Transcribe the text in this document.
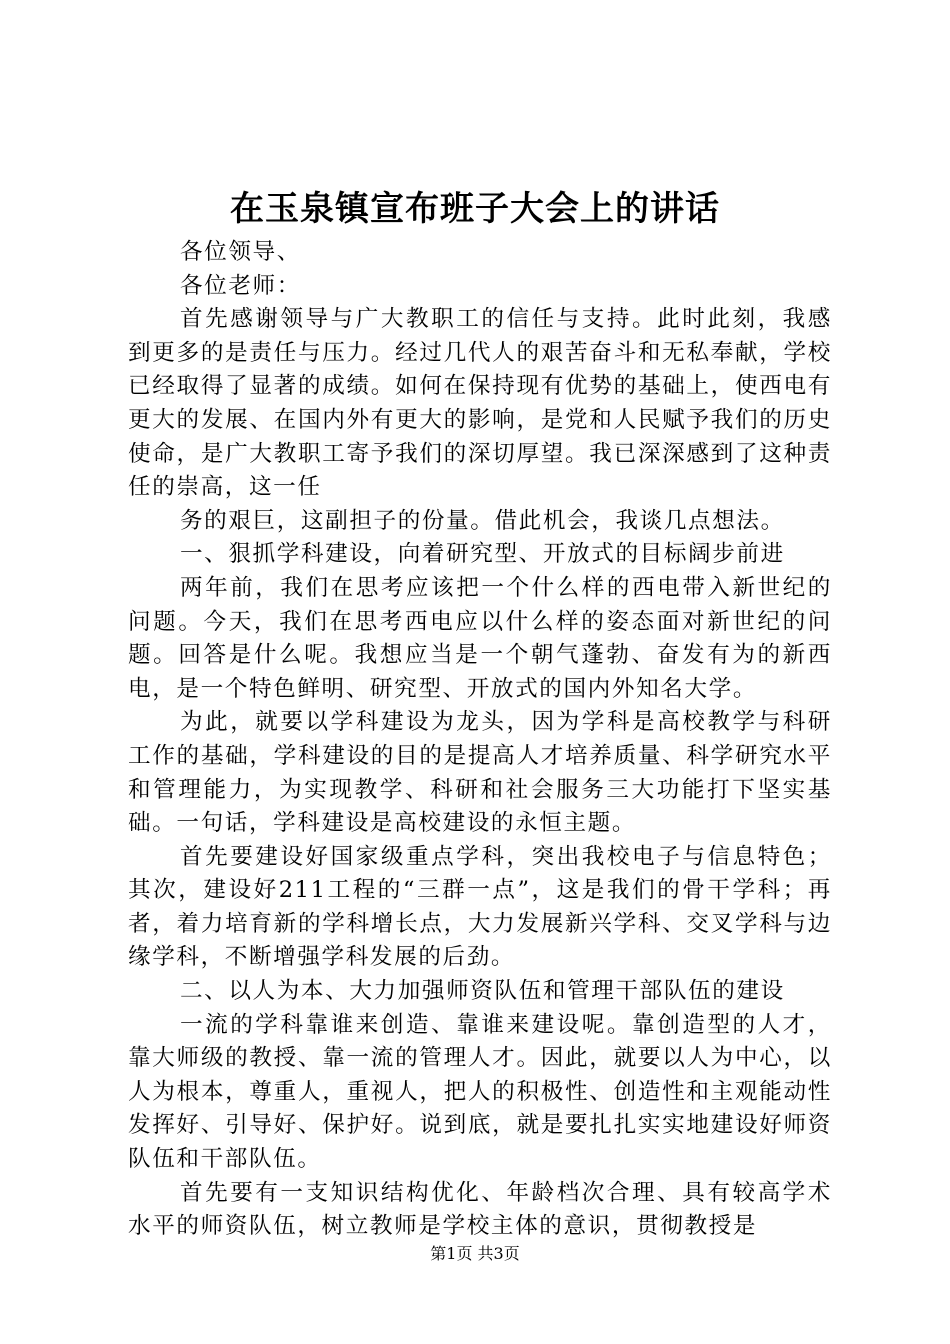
在玉泉镇宣布班子大会上的讲话

各位领导、

各位老师：

首先感谢领导与广大教职工的信任与支持。此时此刻，我感到更多的是责任与压力。经过几代人的艰苦奋斗和无私奉献，学校已经取得了显著的成绩。如何在保持现有优势的基础上，使西电有更大的发展、在国内外有更大的影响，是党和人民赋予我们的历史使命，是广大教职工寄予我们的深切厚望。我已深深感到了这种责任的崇高，这一任

务的艰巨，这副担子的份量。借此机会，我谈几点想法。

一、狠抓学科建设，向着研究型、开放式的目标阔步前进

两年前，我们在思考应该把一个什么样的西电带入新世纪的问题。今天，我们在思考西电应以什么样的姿态面对新世纪的问题。回答是什么呢。我想应当是一个朝气蓬勃、奋发有为的新西电，是一个特色鲜明、研究型、开放式的国内外知名大学。

为此，就要以学科建设为龙头，因为学科是高校教学与科研工作的基础，学科建设的目的是提高人才培养质量、科学研究水平和管理能力，为实现教学、科研和社会服务三大功能打下坚实基础。一句话，学科建设是高校建设的永恒主题。

首先要建设好国家级重点学科，突出我校电子与信息特色；其次，建设好211工程的“三群一点”，这是我们的骨干学科；再者，着力培育新的学科增长点，大力发展新兴学科、交叉学科与边缘学科，不断增强学科发展的后劲。

二、以人为本、大力加强师资队伍和管理干部队伍的建设

一流的学科靠谁来创造、靠谁来建设呢。靠创造型的人才，靠大师级的教授、靠一流的管理人才。因此，就要以人为中心，以人为根本，尊重人，重视人，把人的积极性、创造性和主观能动性发挥好、引导好、保护好。说到底，就是要扎扎实实地建设好师资队伍和干部队伍。

首先要有一支知识结构优化、年龄档次合理、具有较高学术水平的师资队伍，树立教师是学校主体的意识，贯彻教授是

第1页 共3页
